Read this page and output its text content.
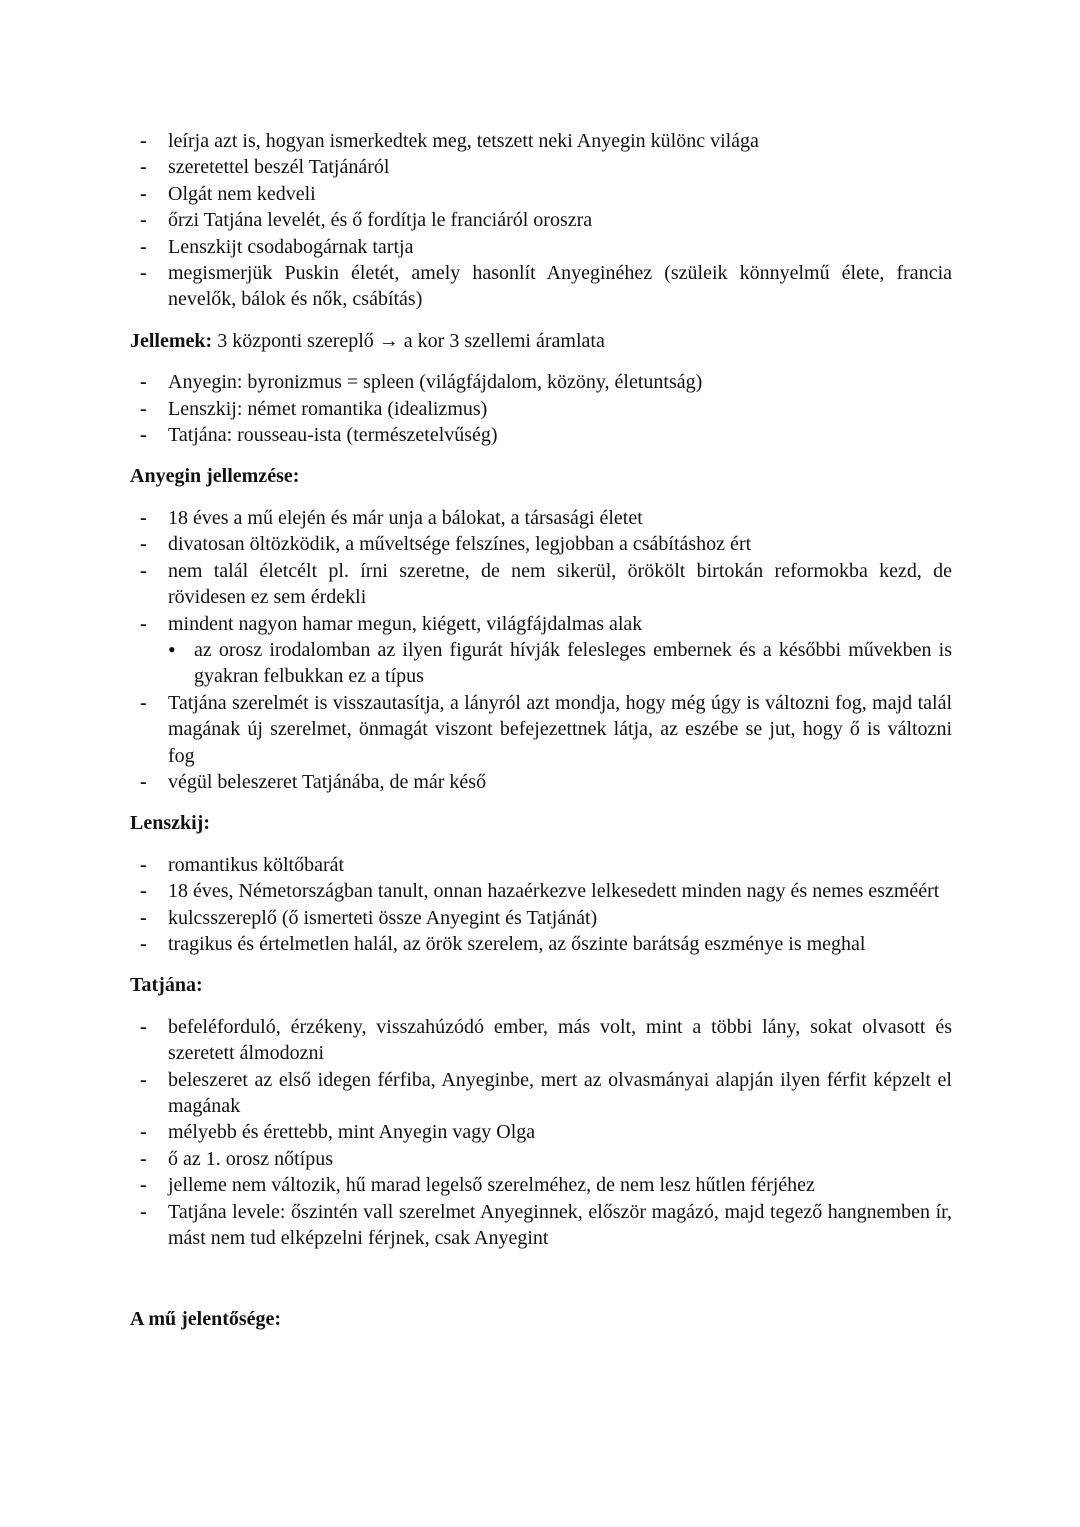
- leírja azt is, hogyan ismerkedtek meg, tetszett neki Anyegin különc világa
- szeretettel beszél Tatjánáról
- Olgát nem kedveli
- őrzi Tatjána levelét, és ő fordítja le franciáról oroszra
- Lenszkijt csodabogárnak tartja
- megismerjük Puskin életét, amely hasonlít Anyeginéhez (szüleik könnyelmű élete, francia nevelők, bálok és nők, csábítás)

Jellemek: 3 központi szereplő → a kor 3 szellemi áramlata

- Anyegin: byronizmus = spleen (világfájdalom, közöny, életuntság)
- Lenszkij: német romantika (idealizmus)
- Tatjána: rousseau-ista (természetelvűség)

Anyegin jellemzése:

- 18 éves a mű elején és már unja a bálokat, a társasági életet
- divatosan öltözködik, a műveltsége felszínes, legjobban a csábításhoz ért
- nem talál életcélt pl. írni szeretne, de nem sikerül, örökölt birtokán reformokba kezd, de rövidesen ez sem érdekli
- mindent nagyon hamar megun, kiégett, világfájdalmas alak
• az orosz irodalomban az ilyen figurát hívják felesleges embernek és a későbbi művekben is gyakran felbukkan ez a típus
- Tatjána szerelmét is visszautasítja, a lányról azt mondja, hogy még úgy is változni fog, majd talál magának új szerelmet, önmagát viszont befejezettnek látja, az eszébe se jut, hogy ő is változni fog
- végül beleszeret Tatjánába, de már késő

Lenszkij:

- romantikus költőbarát
- 18 éves, Németországban tanult, onnan hazaérkezve lelkesedett minden nagy és nemes eszméért
- kulcsszereplő (ő ismerteti össze Anyegint és Tatjánát)
- tragikus és értelmetlen halál, az örök szerelem, az őszinte barátság eszménye is meghal

Tatjána:

- befeléforduló, érzékeny, visszahúzódó ember, más volt, mint a többi lány, sokat olvasott és szeretett álmodozni
- beleszeret az első idegen férfiba, Anyeginbe, mert az olvasmányai alapján ilyen férfit képzelt el magának
- mélyebb és érettebb, mint Anyegin vagy Olga
- ő az 1. orosz nőtípus
- jelleme nem változik, hű marad legelső szerelméhez, de nem lesz hűtlen férjéhez
- Tatjána levele: őszintén vall szerelmet Anyeginnek, először magázó, majd tegező hangnemben ír, mást nem tud elképzelni férjnek, csak Anyegint

A mű jelentősége:
